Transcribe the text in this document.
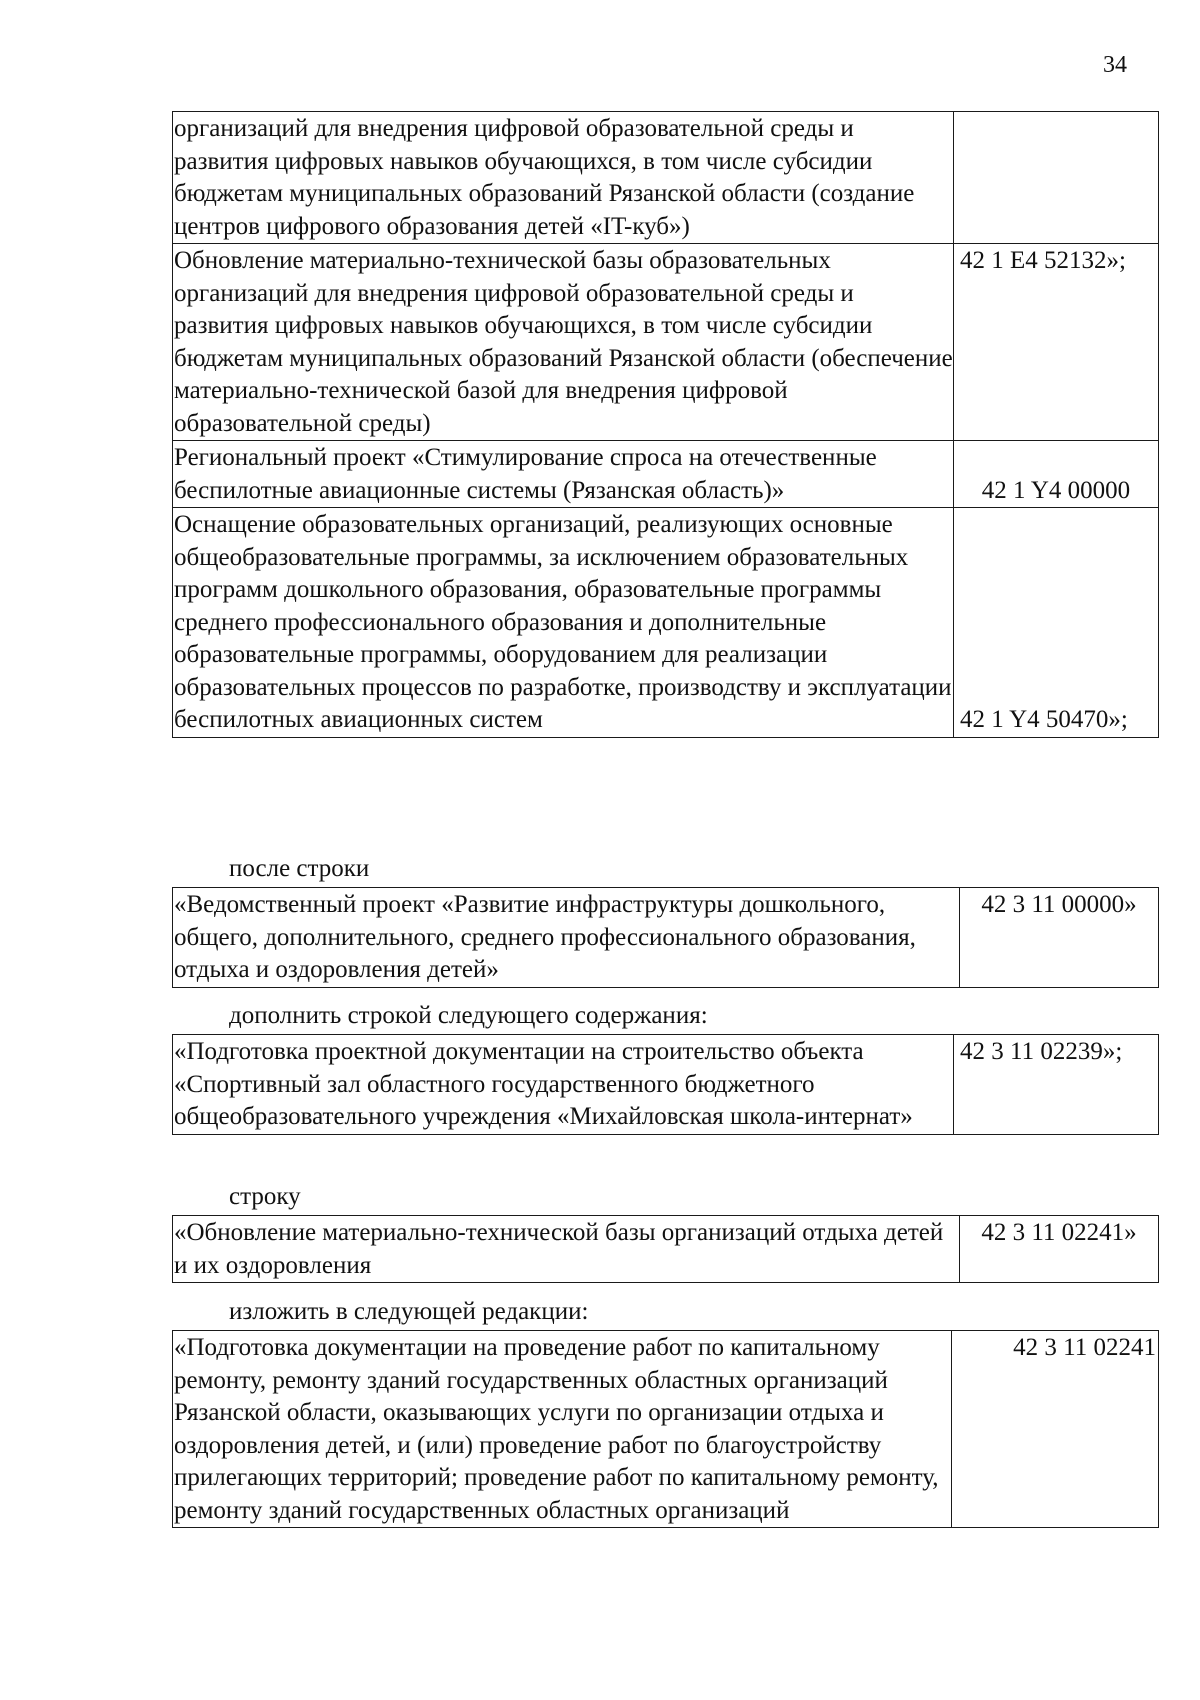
34
организаций для внедрения цифровой образовательной среды и развития цифровых навыков обучающихся, в том числе субсидии бюджетам муниципальных образований Рязанской области (создание центров цифрового образования детей «IT-куб»)	
Обновление материально-технической базы образовательных организаций для внедрения цифровой образовательной среды и развития цифровых навыков обучающихся, в том числе субсидии бюджетам муниципальных образований Рязанской области (обеспечение материально-технической базой для внедрения цифровой образовательной среды)	42 1 E4 52132»;
Региональный проект «Стимулирование спроса на отечественные беспилотные авиационные системы (Рязанская область)»	42 1 Y4 00000
Оснащение образовательных организаций, реализующих основные общеобразовательные программы, за исключением образовательных программ дошкольного образования, образовательные программы среднего профессионального образования и дополнительные образовательные программы, оборудованием для реализации образовательных процессов по разработке, производству и эксплуатации беспилотных авиационных систем	42 1 Y4 50470»;
после строки
«Ведомственный проект «Развитие инфраструктуры дошкольного, общего, дополнительного, среднего профессионального образования, отдыха и оздоровления детей»	42 3 11 00000»
дополнить строкой следующего содержания:
«Подготовка проектной документации на строительство объекта «Спортивный зал областного государственного бюджетного общеобразовательного учреждения «Михайловская школа-интернат»	42 3 11 02239»;
строку
«Обновление материально-технической базы организаций отдыха детей и их оздоровления	42 3 11 02241»
изложить в следующей редакции:
«Подготовка документации на проведение работ по капитальному ремонту, ремонту зданий государственных областных организаций Рязанской области, оказывающих услуги по организации отдыха и оздоровления детей, и (или) проведение работ по благоустройству прилегающих территорий; проведение работ по капитальному ремонту, ремонту зданий государственных областных организаций	42 3 11 02241
